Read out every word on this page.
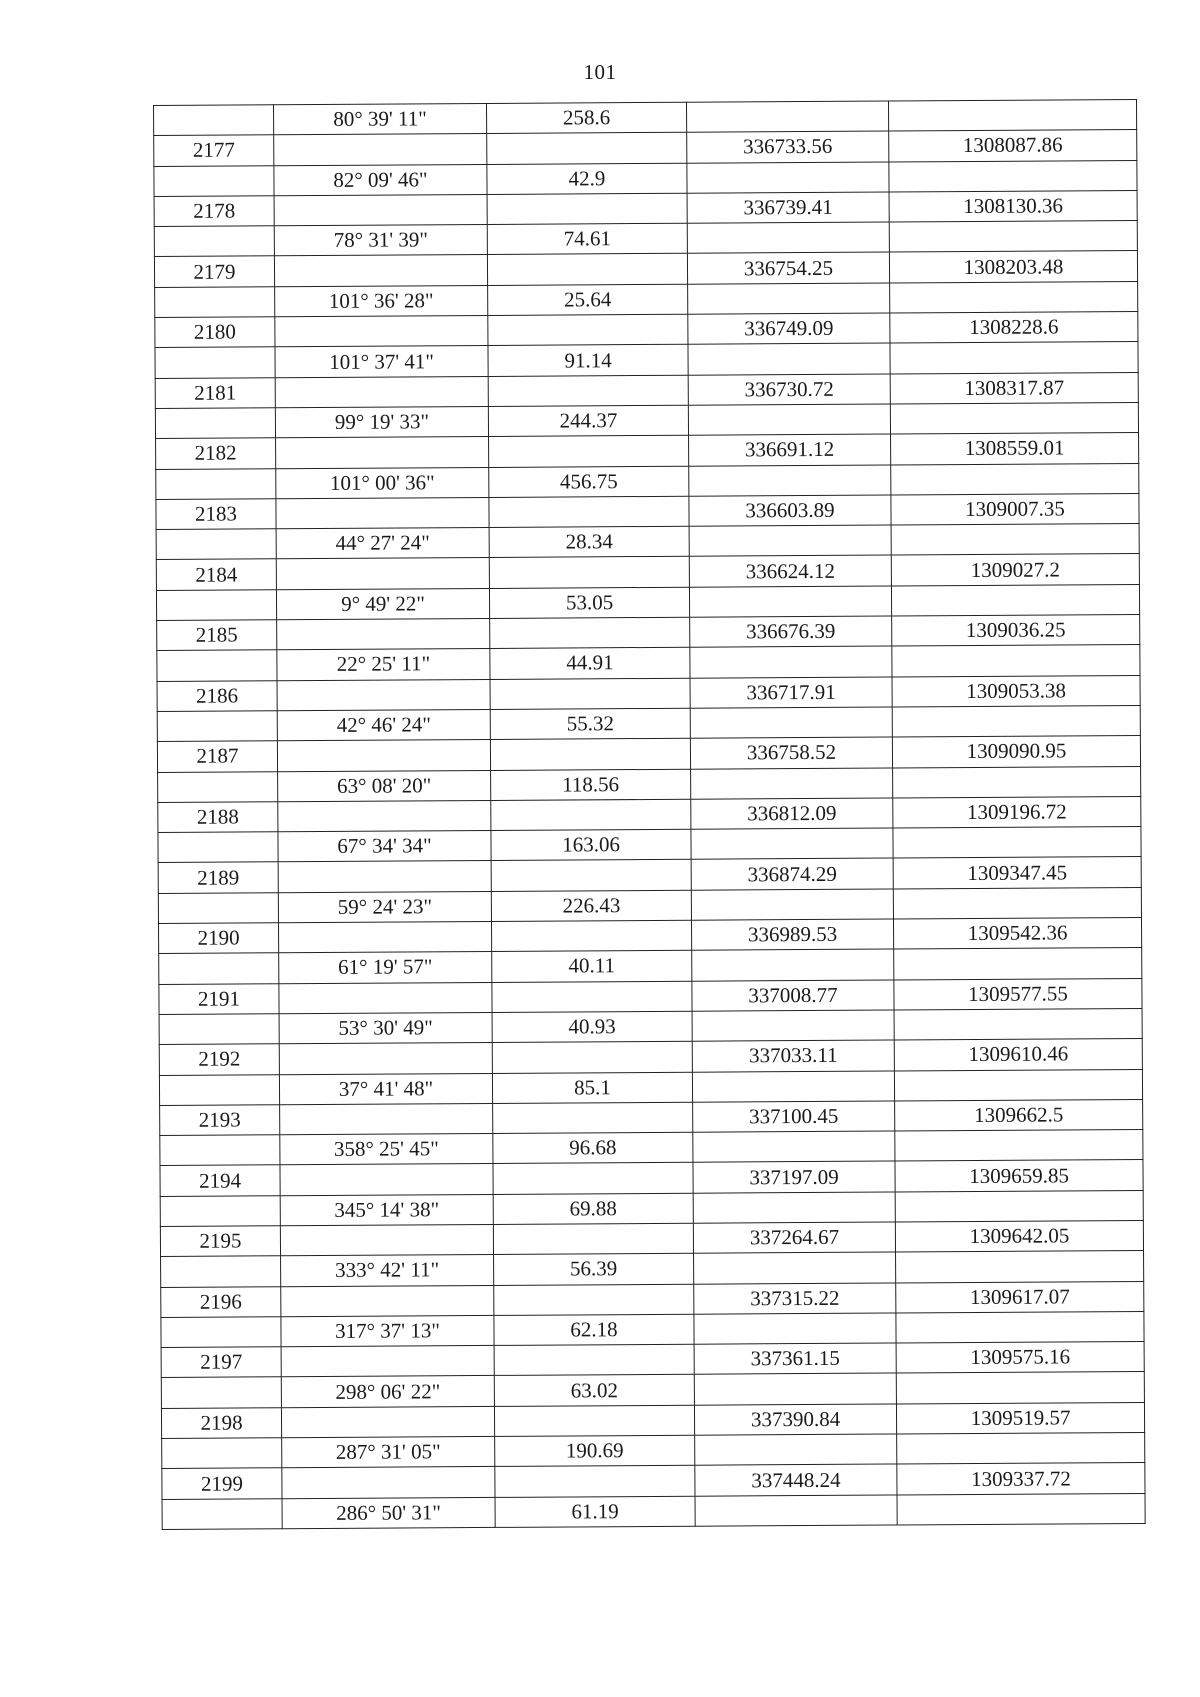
101
	80° 39' 11"	258.6		
2177			336733.56	1308087.86
	82° 09' 46"	42.9		
2178			336739.41	1308130.36
	78° 31' 39"	74.61		
2179			336754.25	1308203.48
	101° 36' 28"	25.64		
2180			336749.09	1308228.6
	101° 37' 41"	91.14		
2181			336730.72	1308317.87
	99° 19' 33"	244.37		
2182			336691.12	1308559.01
	101° 00' 36"	456.75		
2183			336603.89	1309007.35
	44° 27' 24"	28.34		
2184			336624.12	1309027.2
	9° 49' 22"	53.05		
2185			336676.39	1309036.25
	22° 25' 11"	44.91		
2186			336717.91	1309053.38
	42° 46' 24"	55.32		
2187			336758.52	1309090.95
	63° 08' 20"	118.56		
2188			336812.09	1309196.72
	67° 34' 34"	163.06		
2189			336874.29	1309347.45
	59° 24' 23"	226.43		
2190			336989.53	1309542.36
	61° 19' 57"	40.11		
2191			337008.77	1309577.55
	53° 30' 49"	40.93		
2192			337033.11	1309610.46
	37° 41' 48"	85.1		
2193			337100.45	1309662.5
	358° 25' 45"	96.68		
2194			337197.09	1309659.85
	345° 14' 38"	69.88		
2195			337264.67	1309642.05
	333° 42' 11"	56.39		
2196			337315.22	1309617.07
	317° 37' 13"	62.18		
2197			337361.15	1309575.16
	298° 06' 22"	63.02		
2198			337390.84	1309519.57
	287° 31' 05"	190.69		
2199			337448.24	1309337.72
	286° 50' 31"	61.19		
